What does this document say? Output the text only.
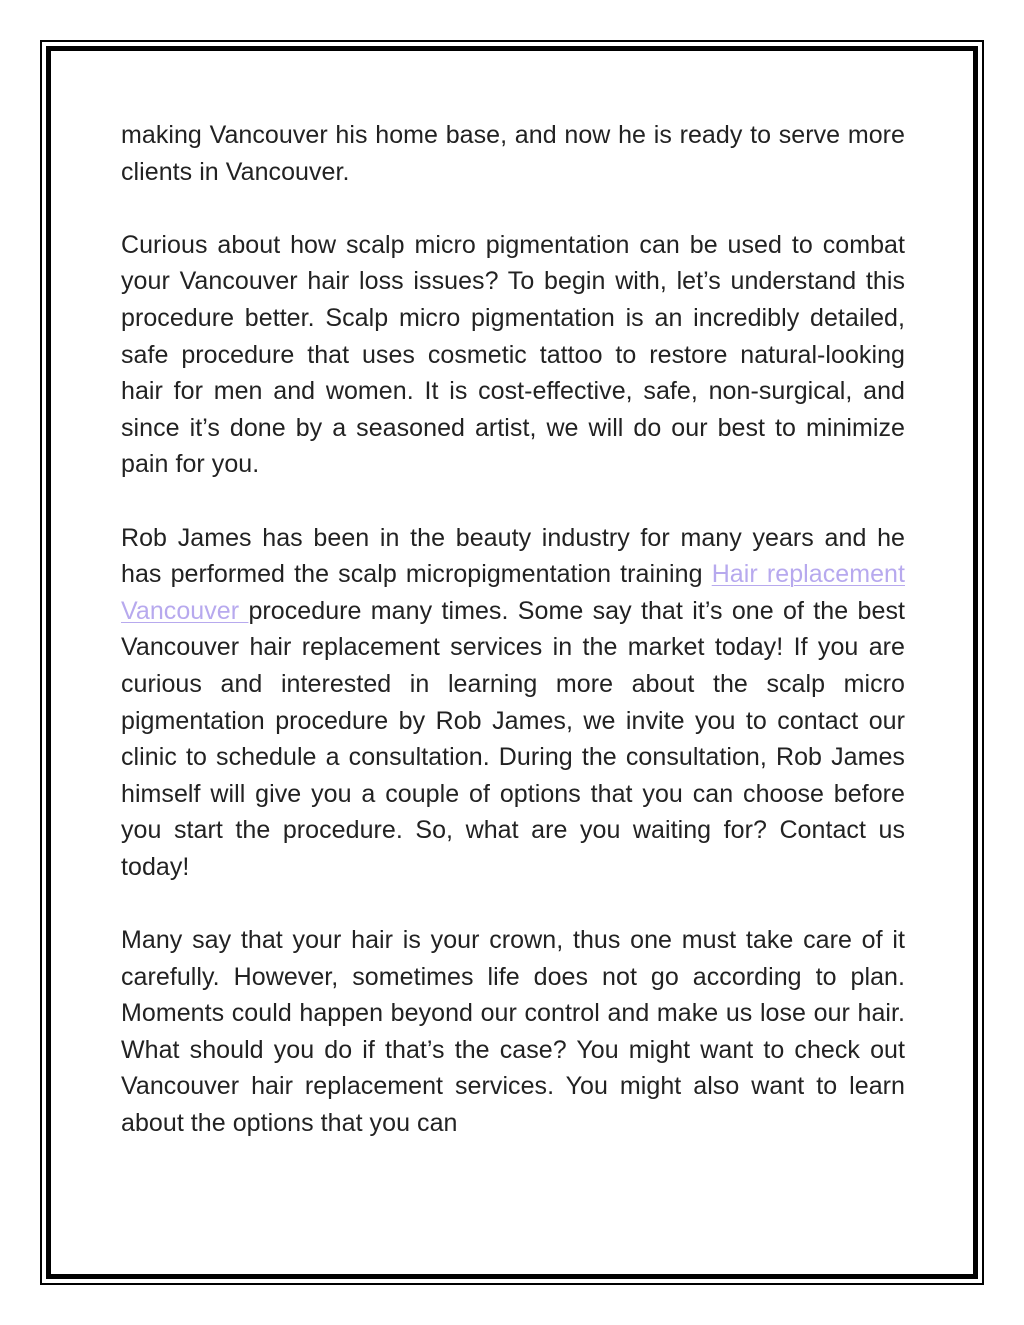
making Vancouver his home base, and now he is ready to serve more clients in Vancouver.

Curious about how scalp micro pigmentation can be used to combat your Vancouver hair loss issues? To begin with, let’s understand this procedure better. Scalp micro pigmentation is an incredibly detailed, safe procedure that uses cosmetic tattoo to restore natural-looking hair for men and women. It is cost-effective, safe, non-surgical, and since it’s done by a seasoned artist, we will do our best to minimize pain for you.

Rob James has been in the beauty industry for many years and he has performed the scalp micropigmentation training Hair replacement Vancouver procedure many times. Some say that it’s one of the best Vancouver hair replacement services in the market today! If you are curious and interested in learning more about the scalp micro pigmentation procedure by Rob James, we invite you to contact our clinic to schedule a consultation. During the consultation, Rob James himself will give you a couple of options that you can choose before you start the procedure. So, what are you waiting for? Contact us today!

Many say that your hair is your crown, thus one must take care of it carefully. However, sometimes life does not go according to plan. Moments could happen beyond our control and make us lose our hair. What should you do if that’s the case? You might want to check out Vancouver hair replacement services. You might also want to learn about the options that you can
